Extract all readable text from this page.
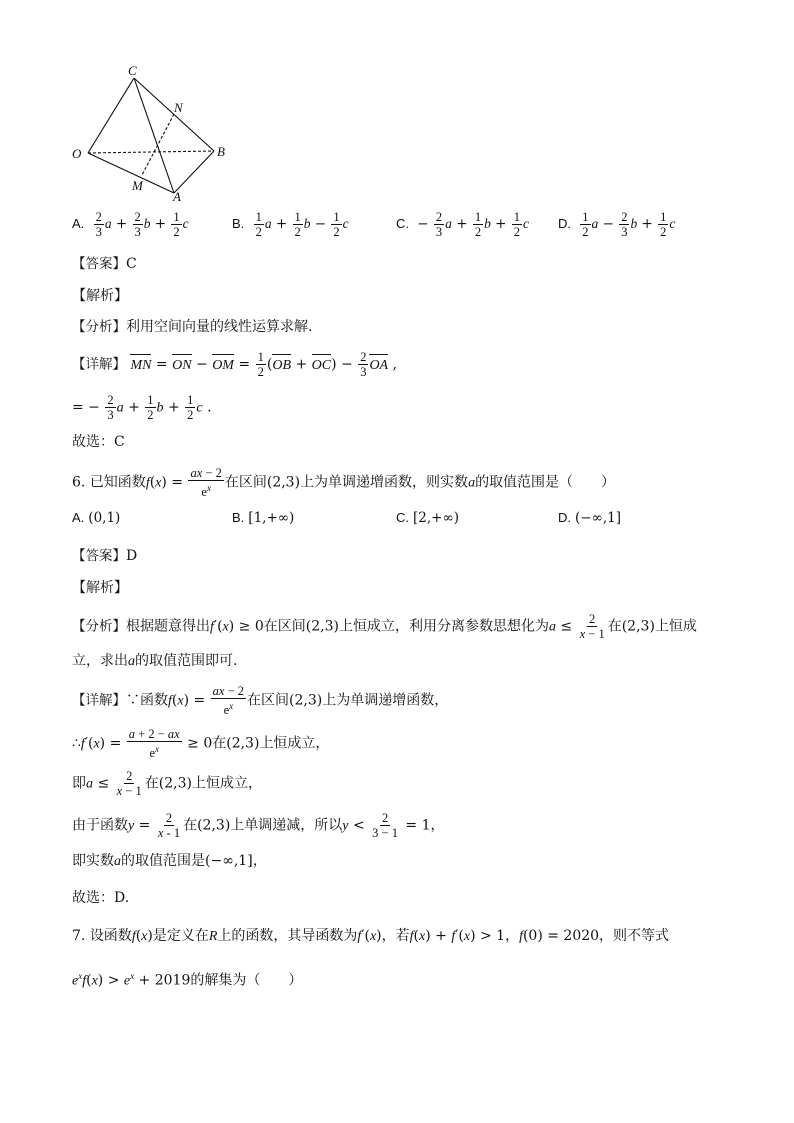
C
N
O	B
M
A
A. $\frac{2}{3}$ $a + \frac{2}{3}$ $b + \frac{1}{2}$ c	B. $\frac{1}{2}$ $a + \frac{1}{2}$ $b - \frac{1}{2}$ c	C. − $\frac{2}{3}$ $a + \frac{1}{2}$ $b + \frac{1}{2}$ c D. $\frac{1}{2}$ $a - \frac{2}{3}$ $b + \frac{1}{2}$ c
【答案】C
【解析】
【分析】利用空间向量的线性运算求解.
【详解】 MN = ON − OM = $\frac{1}{2} (OB + OC) - \frac{2}{3}$ OA ,
= − $\frac{2}{3}$ $a + \frac{1}{2}$ $b + \frac{1}{2}$ c .
故选：C
6. 已知函数$f(x) = \frac{ax - 2}{e^x}$ 在区间(2,3)上为单调递增函数，则实数a的取值范围是（　　）
A. (0,1)	B. [1,+∞)	C. [2,+∞)	D. (−∞,1]
【答案】D
【解析】
【分析】根据题意得出f′(x) ≥ 0在区间(2,3)上恒成立，利用分离参数思想化为$a \le \frac{2}{x - 1}$ 在(2,3)上恒成
立，求出a的取值范围即可.
【详解】∵函数$f(x) = \frac{ax - 2}{e^x}$ 在区间(2,3)上为单调递增函数，
∴f′(x) = $\frac{a + 2 - ax}{e^x} \ge 0$在(2,3)上恒成立，
即$a \le \frac{2}{x - 1}$ 在(2,3)上恒成立，
由于函数$y = \frac{2}{x - 1}$ 在(2,3)上单调递减，所以$y < \frac{2}{3 - 1} = 1$，
即实数a的取值范围是(−∞,1]，
故选：D.
7. 设函数f(x)是定义在R上的函数，其导函数为f′(x)，若f(x) + f′(x) > 1，f(0) = 2020，则不等式
$e^xf(x) > e^x + 2019$的解集为（　　）
